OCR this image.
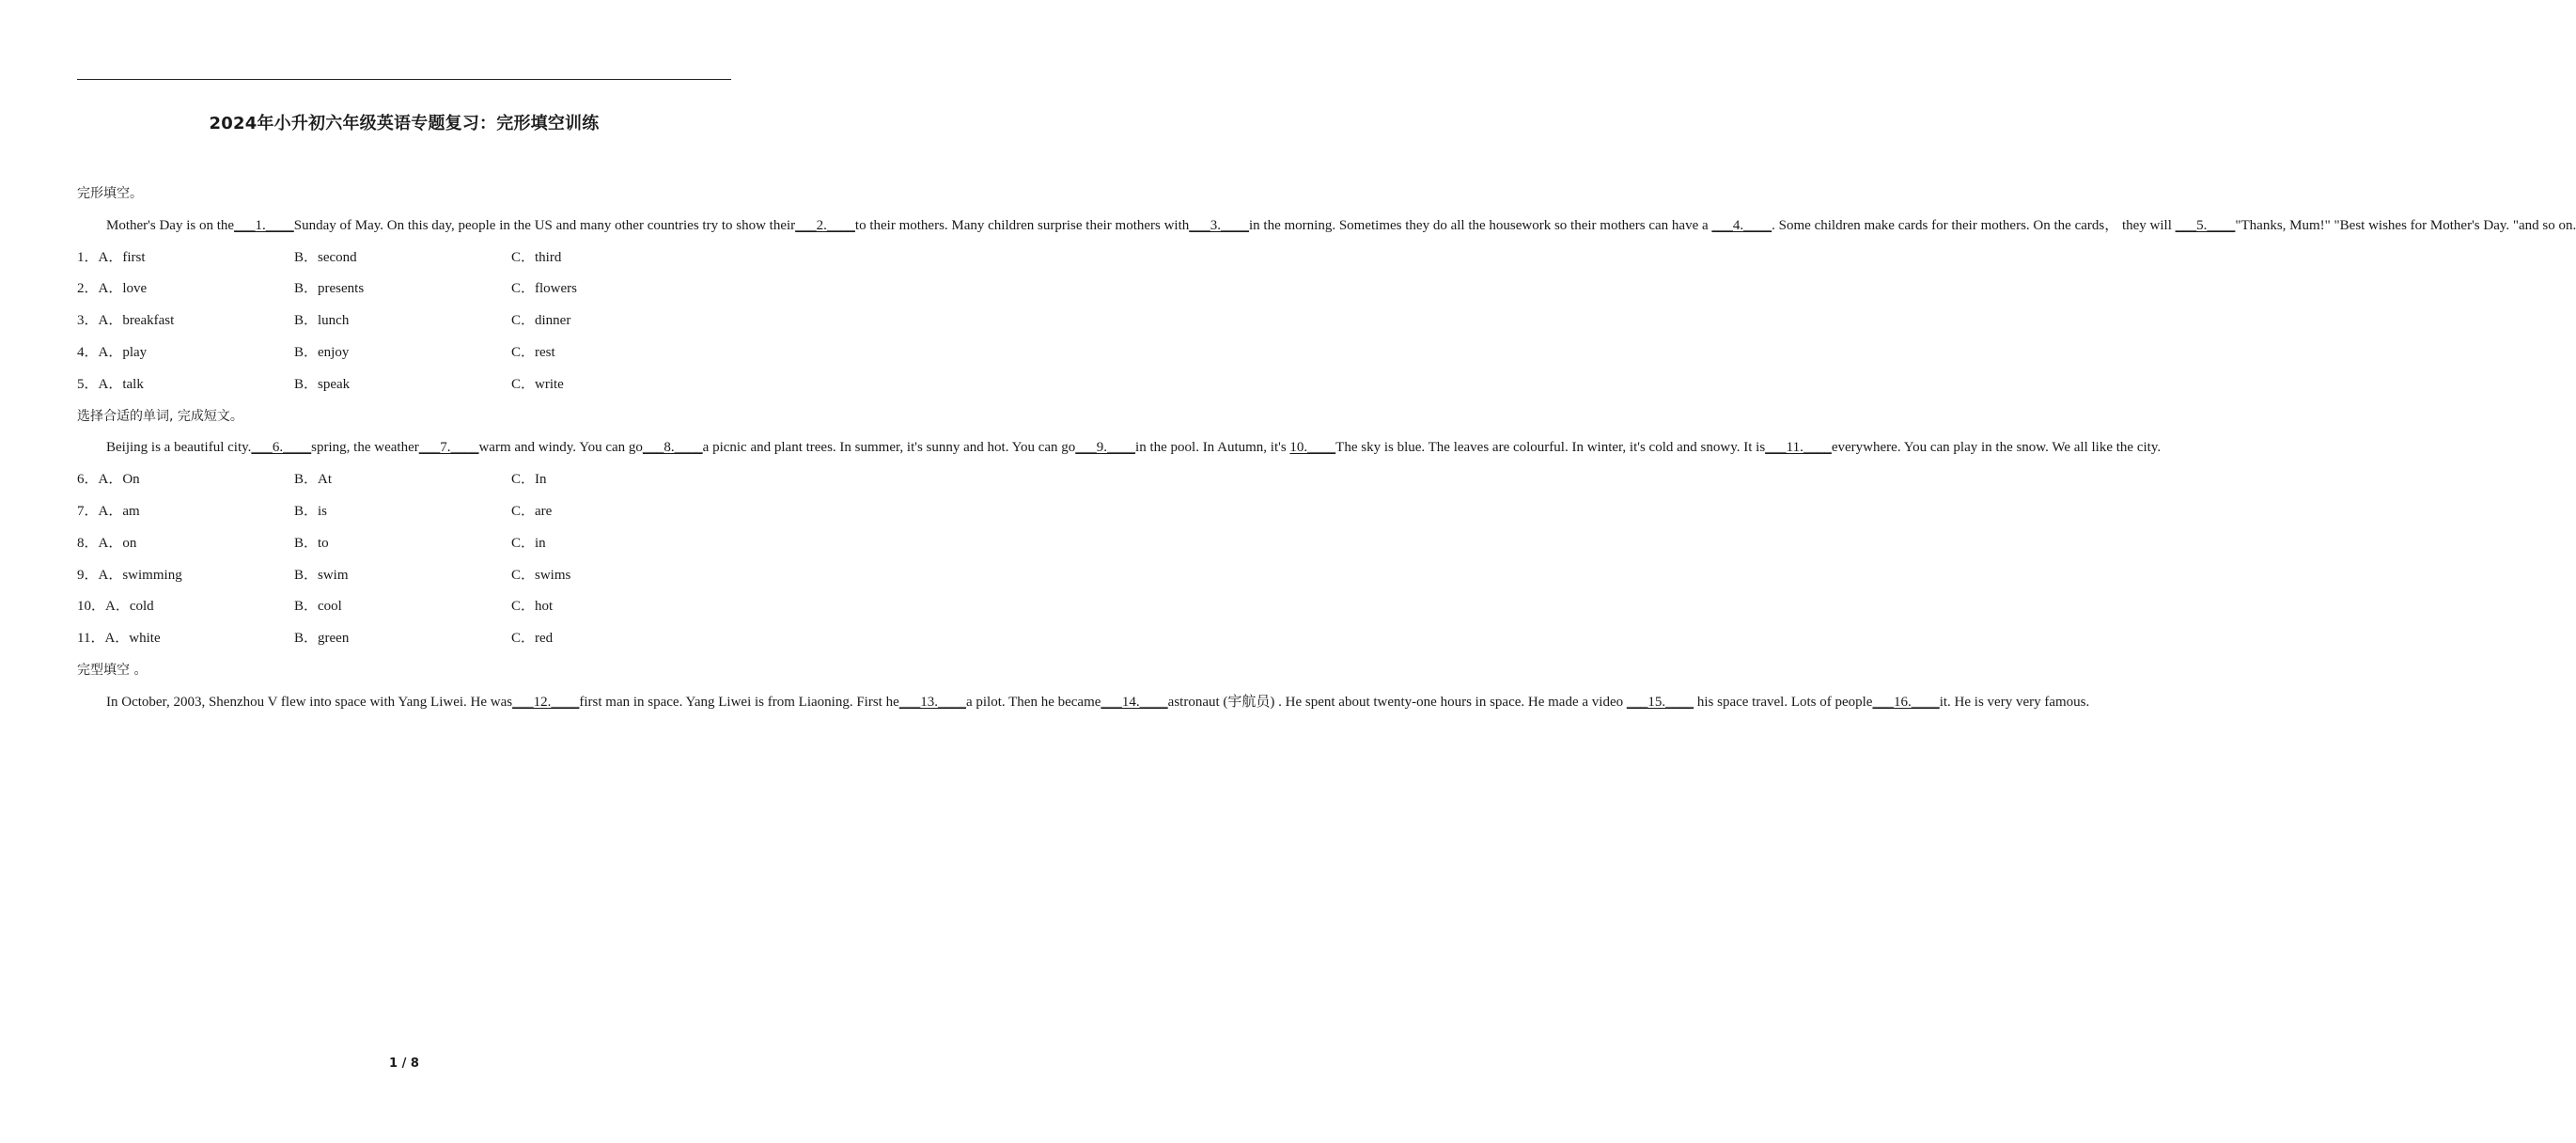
2024年小升初六年级英语专题复习：完形填空训练
完形填空。
Mother's Day is on the___1.____Sunday of May. On this day, people in the US and many other countries try to show their___2.____to their mothers. Many children surprise their mothers with___3.____in the morning. Sometimes they do all the housework so their mothers can have a ___4.____. Some children make cards for their mothers. On the cards， they will ___5.____"Thanks, Mum!" "Best wishes for Mother's Day. "and so on.
1．A．first	B．second	C．third
2．A．love	B．presents	C．flowers
3．A．breakfast	B．lunch	C．dinner
4．A．play	B．enjoy	C．rest
5．A．talk	B．speak	C．write
选择合适的单词, 完成短文。
Beijing is a beautiful city.___6.____spring, the weather___7.____warm and windy. You can go___8.____a picnic and plant trees. In summer, it's sunny and hot. You can go___9.____in the pool. In Autumn, it's 10.____The sky is blue. The leaves are colourful. In winter, it's cold and snowy. It is___11.____everywhere. You can play in the snow. We all like the city.
6．A．On	B．At	C．In
7．A．am	B．is	C．are
8．A．on	B．to	C．in
9．A．swimming	B．swim	C．swims
10．A．cold	B．cool	C．hot
11．A．white	B．green	C．red
完型填空 。
In October, 2003, Shenzhou V flew into space with Yang Liwei. He was___12.____first man in space. Yang Liwei is from Liaoning. First he___13.____a pilot. Then he became___14.____astronaut (宇航员) . He spent about twenty-one hours in space. He made a video ___15.____ his space travel. Lots of people___16.____it. He is very very famous.
1 / 8
